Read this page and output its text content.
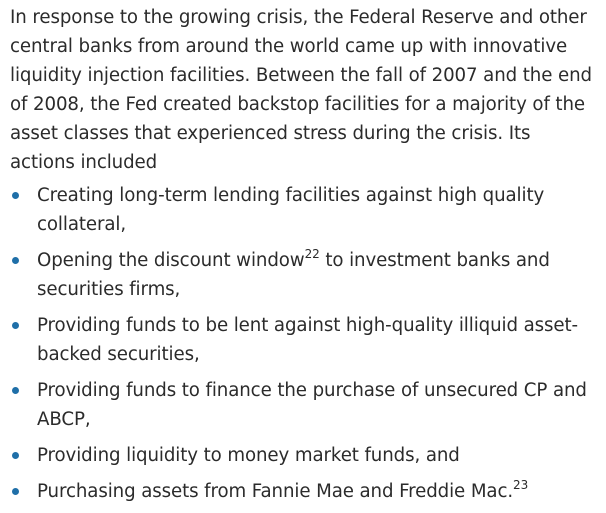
In response to the growing crisis, the Federal Reserve and other central banks from around the world came up with innovative liquidity injection facilities. Between the fall of 2007 and the end of 2008, the Fed created backstop facilities for a majority of the asset classes that experienced stress during the crisis. Its actions included

Creating long-term lending facilities against high quality collateral,
Opening the discount window$^{22}$ to investment banks and securities firms,
Providing funds to be lent against high-quality illiquid asset-backed securities,
Providing funds to finance the purchase of unsecured CP and ABCP,
Providing liquidity to money market funds, and
Purchasing assets from Fannie Mae and Freddie Mac.$^{23}$
